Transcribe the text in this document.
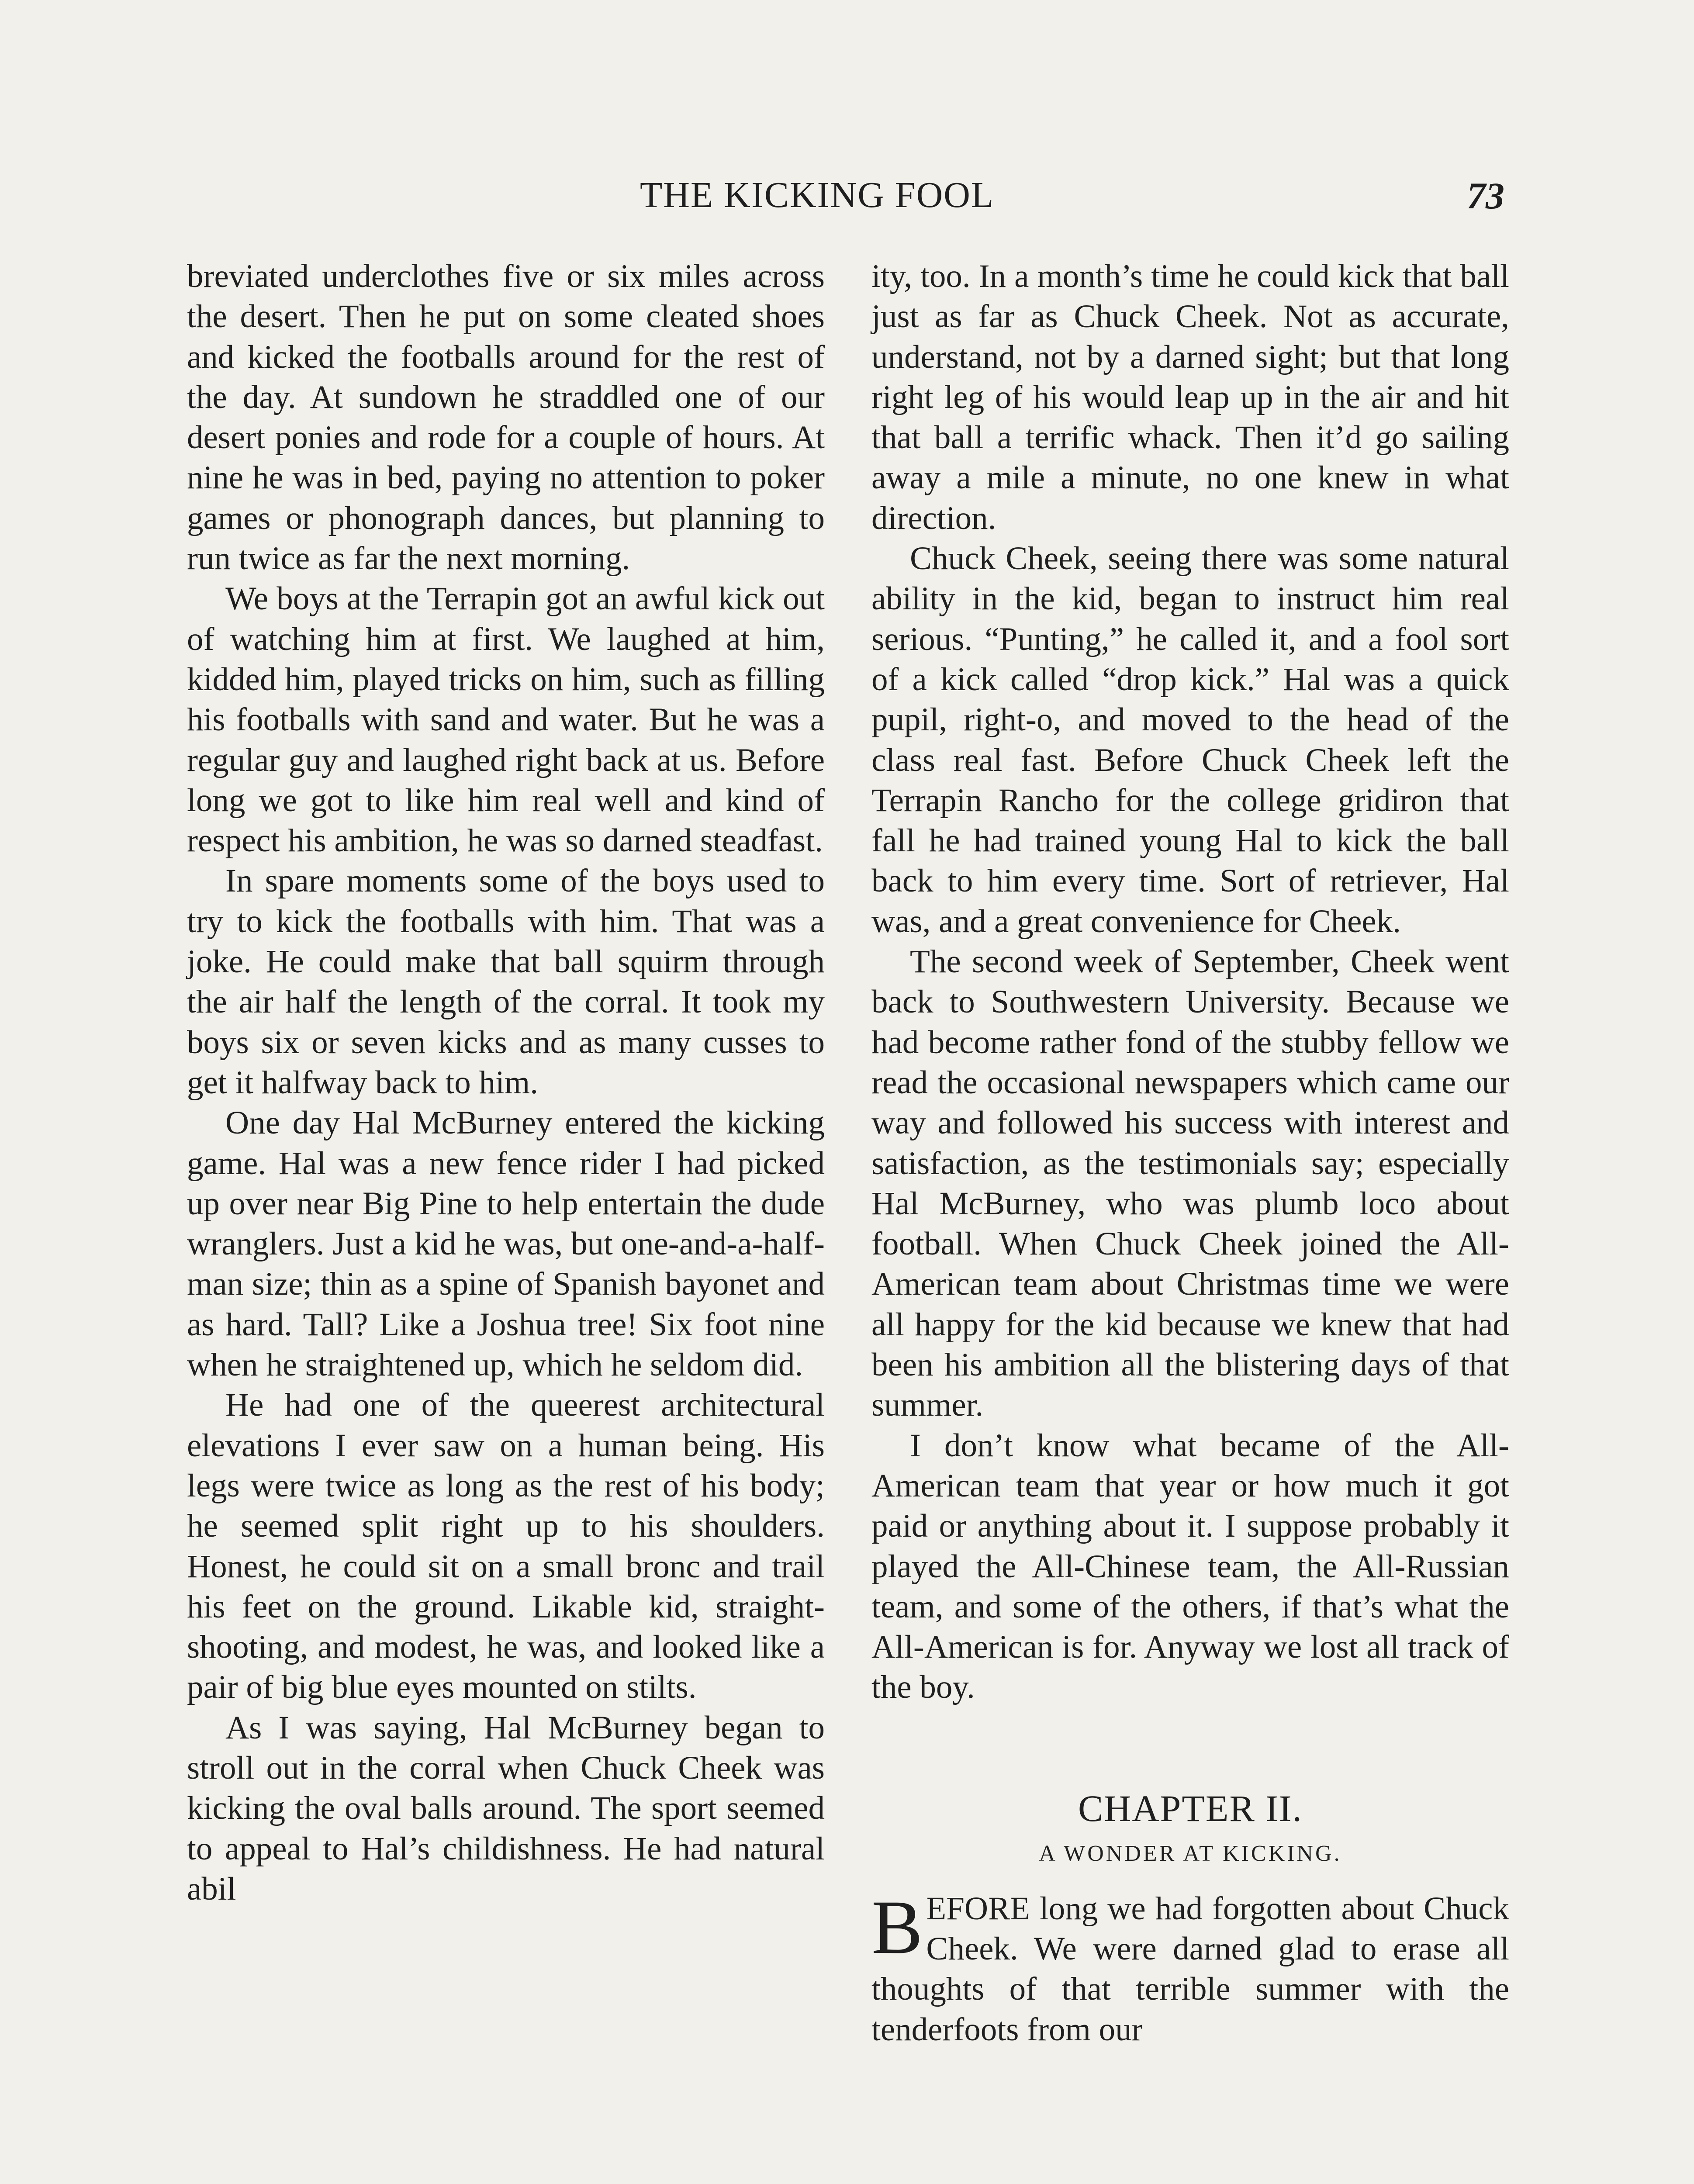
THE KICKING FOOL	73

breviated underclothes five or six miles across the desert. Then he put on some cleated shoes and kicked the footballs around for the rest of the day. At sundown he straddled one of our desert ponies and rode for a couple of hours. At nine he was in bed, paying no attention to poker games or phonograph dances, but planning to run twice as far the next morning.

We boys at the Terrapin got an awful kick out of watching him at first. We laughed at him, kidded him, played tricks on him, such as filling his footballs with sand and water. But he was a regular guy and laughed right back at us. Before long we got to like him real well and kind of respect his ambition, he was so darned steadfast.

In spare moments some of the boys used to try to kick the footballs with him. That was a joke. He could make that ball squirm through the air half the length of the corral. It took my boys six or seven kicks and as many cusses to get it halfway back to him.

One day Hal McBurney entered the kicking game. Hal was a new fence rider I had picked up over near Big Pine to help entertain the dude wranglers. Just a kid he was, but one-and-a-half-man size; thin as a spine of Spanish bayonet and as hard. Tall? Like a Joshua tree! Six foot nine when he straightened up, which he seldom did.

He had one of the queerest architectural elevations I ever saw on a human being. His legs were twice as long as the rest of his body; he seemed split right up to his shoulders. Honest, he could sit on a small bronc and trail his feet on the ground. Likable kid, straight-shooting, and modest, he was, and looked like a pair of big blue eyes mounted on stilts.

As I was saying, Hal McBurney began to stroll out in the corral when Chuck Cheek was kicking the oval balls around. The sport seemed to appeal to Hal’s childishness. He had natural abil

ity, too. In a month’s time he could kick that ball just as far as Chuck Cheek. Not as accurate, understand, not by a darned sight; but that long right leg of his would leap up in the air and hit that ball a terrific whack. Then it’d go sailing away a mile a minute, no one knew in what direction.

Chuck Cheek, seeing there was some natural ability in the kid, began to instruct him real serious. “Punting,” he called it, and a fool sort of a kick called “drop kick.” Hal was a quick pupil, right-o, and moved to the head of the class real fast. Before Chuck Cheek left the Terrapin Rancho for the college gridiron that fall he had trained young Hal to kick the ball back to him every time. Sort of retriever, Hal was, and a great convenience for Cheek.

The second week of September, Cheek went back to Southwestern University. Because we had become rather fond of the stubby fellow we read the occasional newspapers which came our way and followed his success with interest and satisfaction, as the testimonials say; especially Hal McBurney, who was plumb loco about football. When Chuck Cheek joined the All-American team about Christmas time we were all happy for the kid because we knew that had been his ambition all the blistering days of that summer.

I don’t know what became of the All-American team that year or how much it got paid or anything about it. I suppose probably it played the All-Chinese team, the All-Russian team, and some of the others, if that’s what the All-American is for. Anyway we lost all track of the boy.

CHAPTER II.
A WONDER AT KICKING.

BEFORE long we had forgotten about Chuck Cheek. We were darned glad to erase all thoughts of that terrible summer with the tenderfoots from our
